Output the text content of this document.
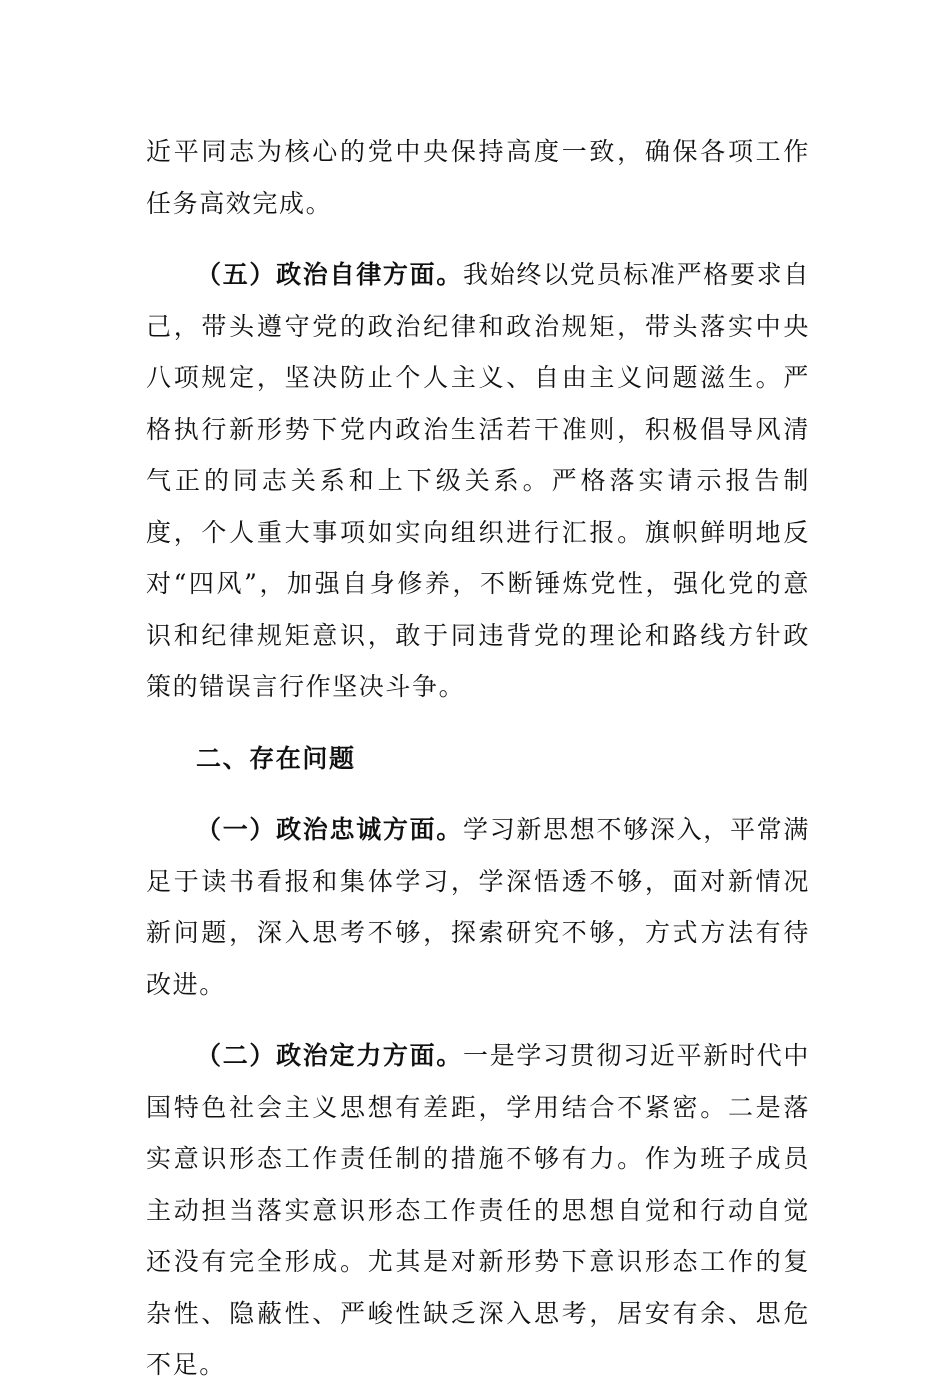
近平同志为核心的党中央保持高度一致，确保各项工作任务高效完成。

（五）政治自律方面。我始终以党员标准严格要求自己，带头遵守党的政治纪律和政治规矩，带头落实中央八项规定，坚决防止个人主义、自由主义问题滋生。严格执行新形势下党内政治生活若干准则，积极倡导风清气正的同志关系和上下级关系。严格落实请示报告制度，个人重大事项如实向组织进行汇报。旗帜鲜明地反对“四风”，加强自身修养，不断锤炼党性，强化党的意识和纪律规矩意识，敢于同违背党的理论和路线方针政策的错误言行作坚决斗争。

二、存在问题

（一）政治忠诚方面。学习新思想不够深入，平常满足于读书看报和集体学习，学深悟透不够，面对新情况新问题，深入思考不够，探索研究不够，方式方法有待改进。

（二）政治定力方面。一是学习贯彻习近平新时代中国特色社会主义思想有差距，学用结合不紧密。二是落实意识形态工作责任制的措施不够有力。作为班子成员主动担当落实意识形态工作责任的思想自觉和行动自觉还没有完全形成。尤其是对新形势下意识形态工作的复杂性、隐蔽性、严峻性缺乏深入思考，居安有余、思危不足。
